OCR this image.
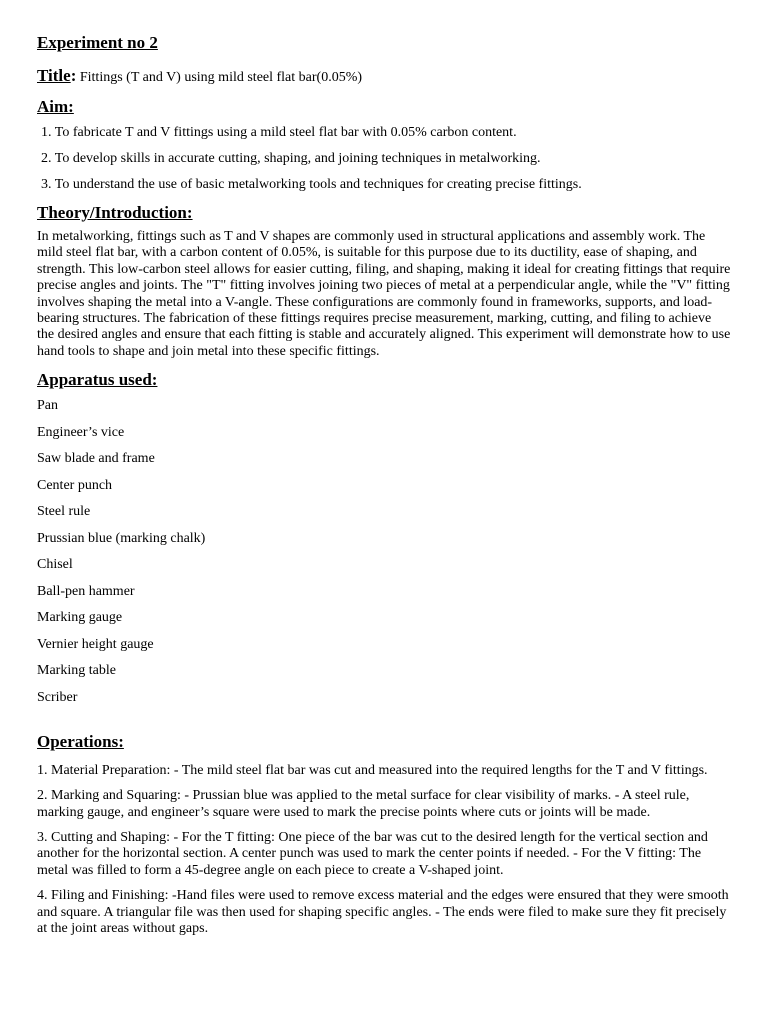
Experiment no 2
Title: Fittings (T and V) using mild steel flat bar(0.05%)
Aim:
1. To fabricate T and V fittings using a mild steel flat bar with 0.05% carbon content.
2. To develop skills in accurate cutting, shaping, and joining techniques in metalworking.
3. To understand the use of basic metalworking tools and techniques for creating precise fittings.
Theory/Introduction:

In metalworking, fittings such as T and V shapes are commonly used in structural applications and assembly work. The mild steel flat bar, with a carbon content of 0.05%, is suitable for this purpose due to its ductility, ease of shaping, and strength. This low-carbon steel allows for easier cutting, filing, and shaping, making it ideal for creating fittings that require precise angles and joints. The "T" fitting involves joining two pieces of metal at a perpendicular angle, while the "V" fitting involves shaping the metal into a V-angle. These configurations are commonly found in frameworks, supports, and load-bearing structures. The fabrication of these fittings requires precise measurement, marking, cutting, and filing to achieve the desired angles and ensure that each fitting is stable and accurately aligned. This experiment will demonstrate how to use hand tools to shape and join metal into these specific fittings.

Apparatus used:
Pan
Engineer’s vice
Saw blade and frame
Center punch
Steel rule
Prussian blue (marking chalk)
Chisel
Ball-pen hammer
Marking gauge
Vernier height gauge
Marking table
Scriber
Operations:

1. Material Preparation: - The mild steel flat bar was cut and measured into the required lengths for the T and V fittings.

2. Marking and Squaring: - Prussian blue was applied to the metal surface for clear visibility of marks. - A steel rule, marking gauge, and engineer’s square were used to mark the precise points where cuts or joints will be made.

3. Cutting and Shaping: - For the T fitting: One piece of the bar was cut to the desired length for the vertical section and another for the horizontal section. A center punch was used to mark the center points if needed. - For the V fitting: The metal was filled to form a 45-degree angle on each piece to create a V-shaped joint.

4. Filing and Finishing: -Hand files were used to remove excess material and the edges were ensured that they were smooth and square. A triangular file was then used for shaping specific angles. - The ends were filed to make sure they fit precisely at the joint areas without gaps.
